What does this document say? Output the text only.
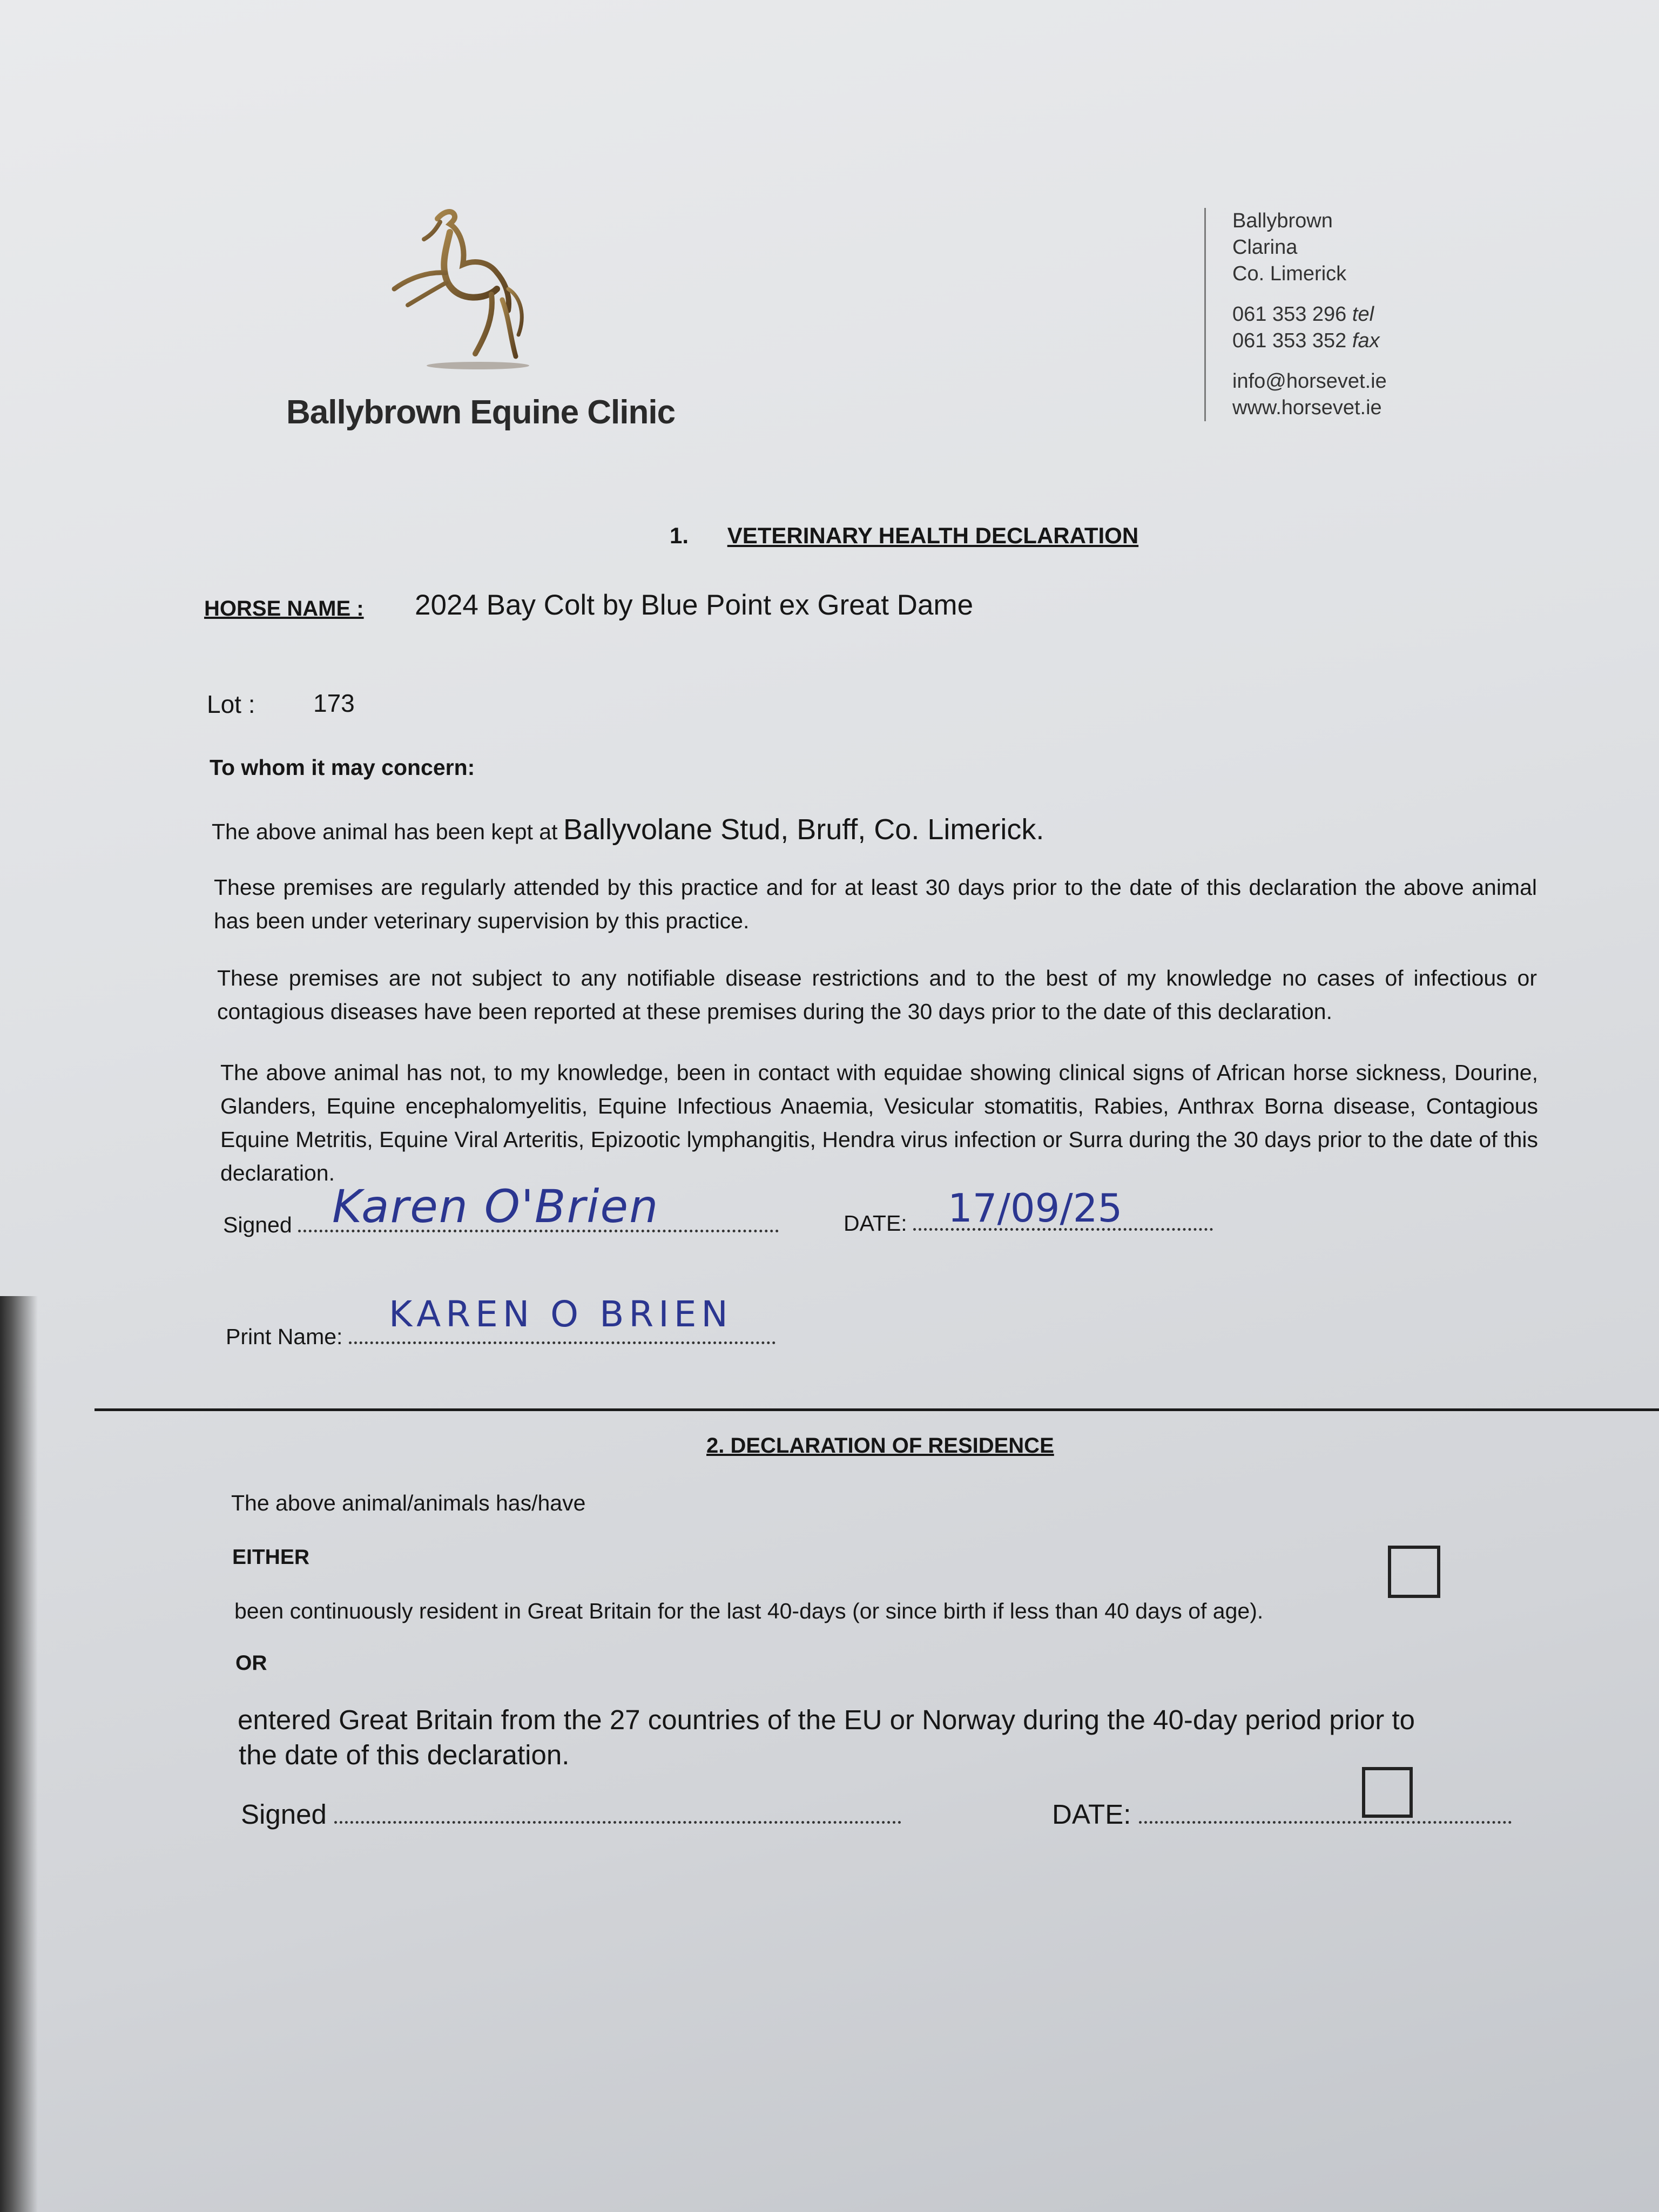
Ballybrown Equine Clinic
Ballybrown
Clarina
Co. Limerick
061 353 296 tel
061 353 352 fax
info@horsevet.ie
www.horsevet.ie
1. VETERINARY HEALTH DECLARATION
HORSE NAME : 2024 Bay Colt by Blue Point ex Great Dame
Lot : 173
To whom it may concern:
The above animal has been kept at Ballyvolane Stud, Bruff, Co. Limerick.
These premises are regularly attended by this practice and for at least 30 days prior to the date of this declaration the above animal has been under veterinary supervision by this practice.
These premises are not subject to any notifiable disease restrictions and to the best of my knowledge no cases of infectious or contagious diseases have been reported at these premises during the 30 days prior to the date of this declaration.
The above animal has not, to my knowledge, been in contact with equidae showing clinical signs of African horse sickness, Dourine, Glanders, Equine encephalomyelitis, Equine Infectious Anaemia, Vesicular stomatitis, Rabies, Anthrax Borna disease, Contagious Equine Metritis, Equine Viral Arteritis, Epizootic lymphangitis, Hendra virus infection or Surra during the 30 days prior to the date of this declaration.
Signed Karen O'Brien	DATE:	17/09/25
Print Name:
KAREN O BRIEN
2. DECLARATION OF RESIDENCE
The above animal/animals has/have
EITHER
been continuously resident in Great Britain for the last 40-days (or since birth if less than 40 days of age).
OR
entered Great Britain from the 27 countries of the EU or Norway during the 40-day period prior to
the date of this declaration.
Signed	DATE:
